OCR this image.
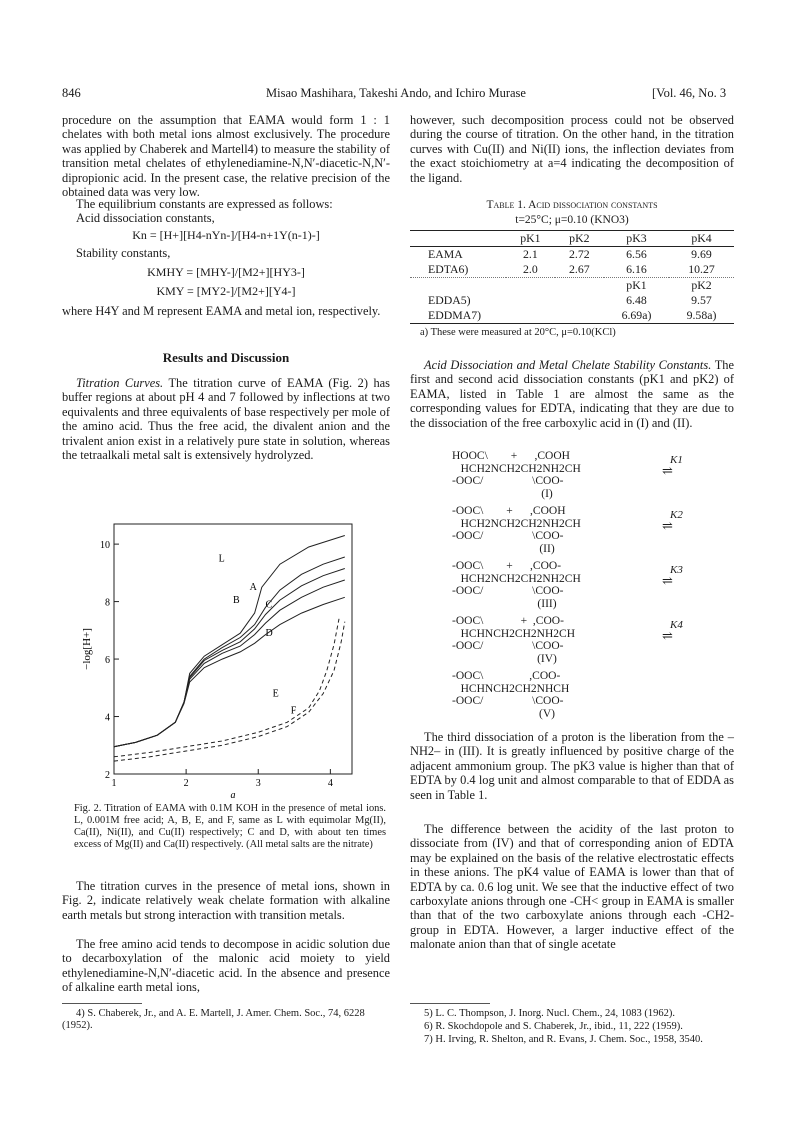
846	Misao Mashihara, Takeshi Ando, and Ichiro Murase	[Vol. 46, No. 3
procedure on the assumption that EAMA would form 1 : 1 chelates with both metal ions almost exclusively. The procedure was applied by Chaberek and Martell4) to measure the stability of transition metal chelates of ethylenediamine-N,N′-diacetic-N,N′-dipropionic acid. In the present case, the relative precision of the obtained data was very low.
The equilibrium constants are expressed as follows:
Acid dissociation constants,
Kn = [H+][H4-nYn-]/[H4-n+1Y(n-1)-]
Stability constants,
KMHY = [MHY-]/[M2+][HY3-]
KMY = [MY2-]/[M2+][Y4-]
where H4Y and M represent EAMA and metal ion, respectively.
Results and Discussion
Titration Curves. The titration curve of EAMA (Fig. 2) has buffer regions at about pH 4 and 7 followed by inflections at two equivalents and three equivalents of base respectively per mole of the amino acid. Thus the free acid, the divalent anion and the trivalent anion exist in a relatively pure state in solution, whereas the tetraalkali metal salt is extensively hydrolyzed.
1	2	3	4
2
4
6
8
10
a
−log[H+]
L
A
B	C
D
E
F
Fig. 2. Titration of EAMA with 0.1M KOH in the presence of metal ions. L, 0.001M free acid; A, B, E, and F, same as L with equimolar Mg(II), Ca(II), Ni(II), and Cu(II) respectively; C and D, with about ten times excess of Mg(II) and Ca(II) respectively. (All metal salts are the nitrate)
The titration curves in the presence of metal ions, shown in Fig. 2, indicate relatively weak chelate formation with alkaline earth metals but strong interaction with transition metals.
The free amino acid tends to decompose in acidic solution due to decarboxylation of the malonic acid moiety to yield ethylenediamine-N,N′-diacetic acid. In the absence and presence of alkaline earth metal ions,
4) S. Chaberek, Jr., and A. E. Martell, J. Amer. Chem. Soc., 74, 6228 (1952).
however, such decomposition process could not be observed during the course of titration. On the other hand, in the titration curves with Cu(II) and Ni(II) ions, the inflection deviates from the exact stoichiometry at a=4 indicating the decomposition of the ligand.
Table 1. Acid dissociation constants
t=25°C; μ=0.10 (KNO3)
	pK1	pK2	pK3	pK4
EAMA	2.1	2.72	6.56	9.69
EDTA6)	2.0	2.67	6.16	10.27
			pK1	pK2
EDDA5)			6.48	9.57
EDDMA7)			6.69a)	9.58a)
a) These were measured at 20°C, μ=0.10(KCl)
Acid Dissociation and Metal Chelate Stability Constants. The first and second acid dissociation constants (pK1 and pK2) of EAMA, listed in Table 1 are almost the same as the corresponding values for EDTA, indicating that they are due to the dissociation of the free carboxylic acid in (I) and (II).
HOOC\        +      ,COOH
HCH2NCH2CH2NH2CH
-OOC/                 \COO-
(I)
K1
⇌
-OOC\        +      ,COOH
HCH2NCH2CH2NH2CH
-OOC/                 \COO-
(II)
K2
⇌
-OOC\        +      ,COO-
HCH2NCH2CH2NH2CH
-OOC/                 \COO-
(III)
K3
⇌
-OOC\             +  ,COO-
HCHNCH2CH2NH2CH
-OOC/                 \COO-
(IV)
K4
⇌
-OOC\                ,COO-
HCHNCH2CH2NHCH
-OOC/                 \COO-
(V)
The third dissociation of a proton is the liberation from the –NH2– in (III). It is greatly influenced by positive charge of the adjacent ammonium group. The pK3 value is higher than that of EDTA by 0.4 log unit and almost comparable to that of EDDA as seen in Table 1.
The difference between the acidity of the last proton to dissociate from (IV) and that of corresponding anion of EDTA may be explained on the basis of the relative electrostatic effects in these anions. The pK4 value of EAMA is lower than that of EDTA by ca. 0.6 log unit. We see that the inductive effect of two carboxylate anions through one -CH< group in EAMA is smaller than that of the two carboxylate anions through each -CH2- group in EDTA. However, a larger inductive effect of the malonate anion than that of single acetate
5) L. C. Thompson, J. Inorg. Nucl. Chem., 24, 1083 (1962).
6) R. Skochdopole and S. Chaberek, Jr., ibid., 11, 222 (1959).
7) H. Irving, R. Shelton, and R. Evans, J. Chem. Soc., 1958, 3540.
